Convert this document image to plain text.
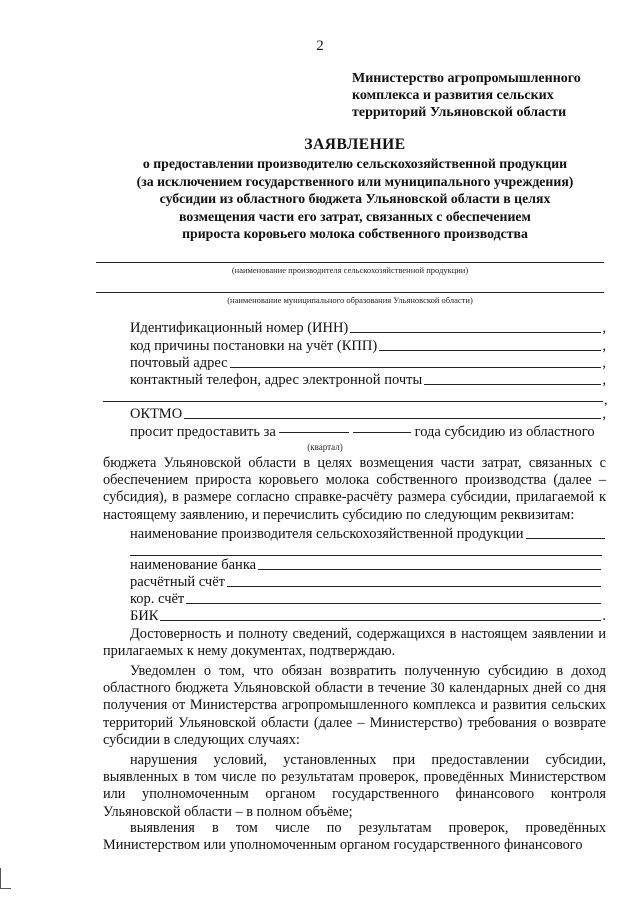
2
Министерство агропромышленного
комплекса и развития сельских
территорий Ульяновской области
ЗАЯВЛЕНИЕ
о предоставлении производителю сельскохозяйственной продукции
(за исключением государственного или муниципального учреждения)
субсидии из областного бюджета Ульяновской области в целях
возмещения части его затрат, связанных с обеспечением
прироста коровьего молока собственного производства
(наименование производителя сельскохозяйственной продукции)
(наименование муниципального образования Ульяновской области)
Идентификационный номер (ИНН)	,
код причины постановки на учёт (КПП)	,
почтовый адрес	,
контактный телефон, адрес электронной почты	,
,
ОКТМО	,
просит предоставить за	года субсидию из областного
(квартал)

бюджета Ульяновской области в целях возмещения части затрат, связанных с обеспечением прироста коровьего молока собственного производства (далее – субсидия), в размере согласно справке-расчёту размера субсидии, прилагаемой к настоящему заявлению, и перечислить субсидию по следующим реквизитам:

наименование производителя сельскохозяйственной продукции
наименование банка
расчётный счёт
кор. счёт
БИК	.

Достоверность и полноту сведений, содержащихся в настоящем заявлении и прилагаемых к нему документах, подтверждаю.

Уведомлен о том, что обязан возвратить полученную субсидию в доход областного бюджета Ульяновской области в течение 30 календарных дней со дня получения от Министерства агропромышленного комплекса и развития сельских территорий Ульяновской области (далее – Министерство) требования о возврате субсидии в следующих случаях:

нарушения условий, установленных при предоставлении субсидии, выявленных в том числе по результатам проверок, проведённых Министерством или уполномоченным органом государственного финансового контроля Ульяновской области – в полном объёме;

выявления в том числе по результатам проверок, проведённых Министерством или уполномоченным органом государственного финансового
